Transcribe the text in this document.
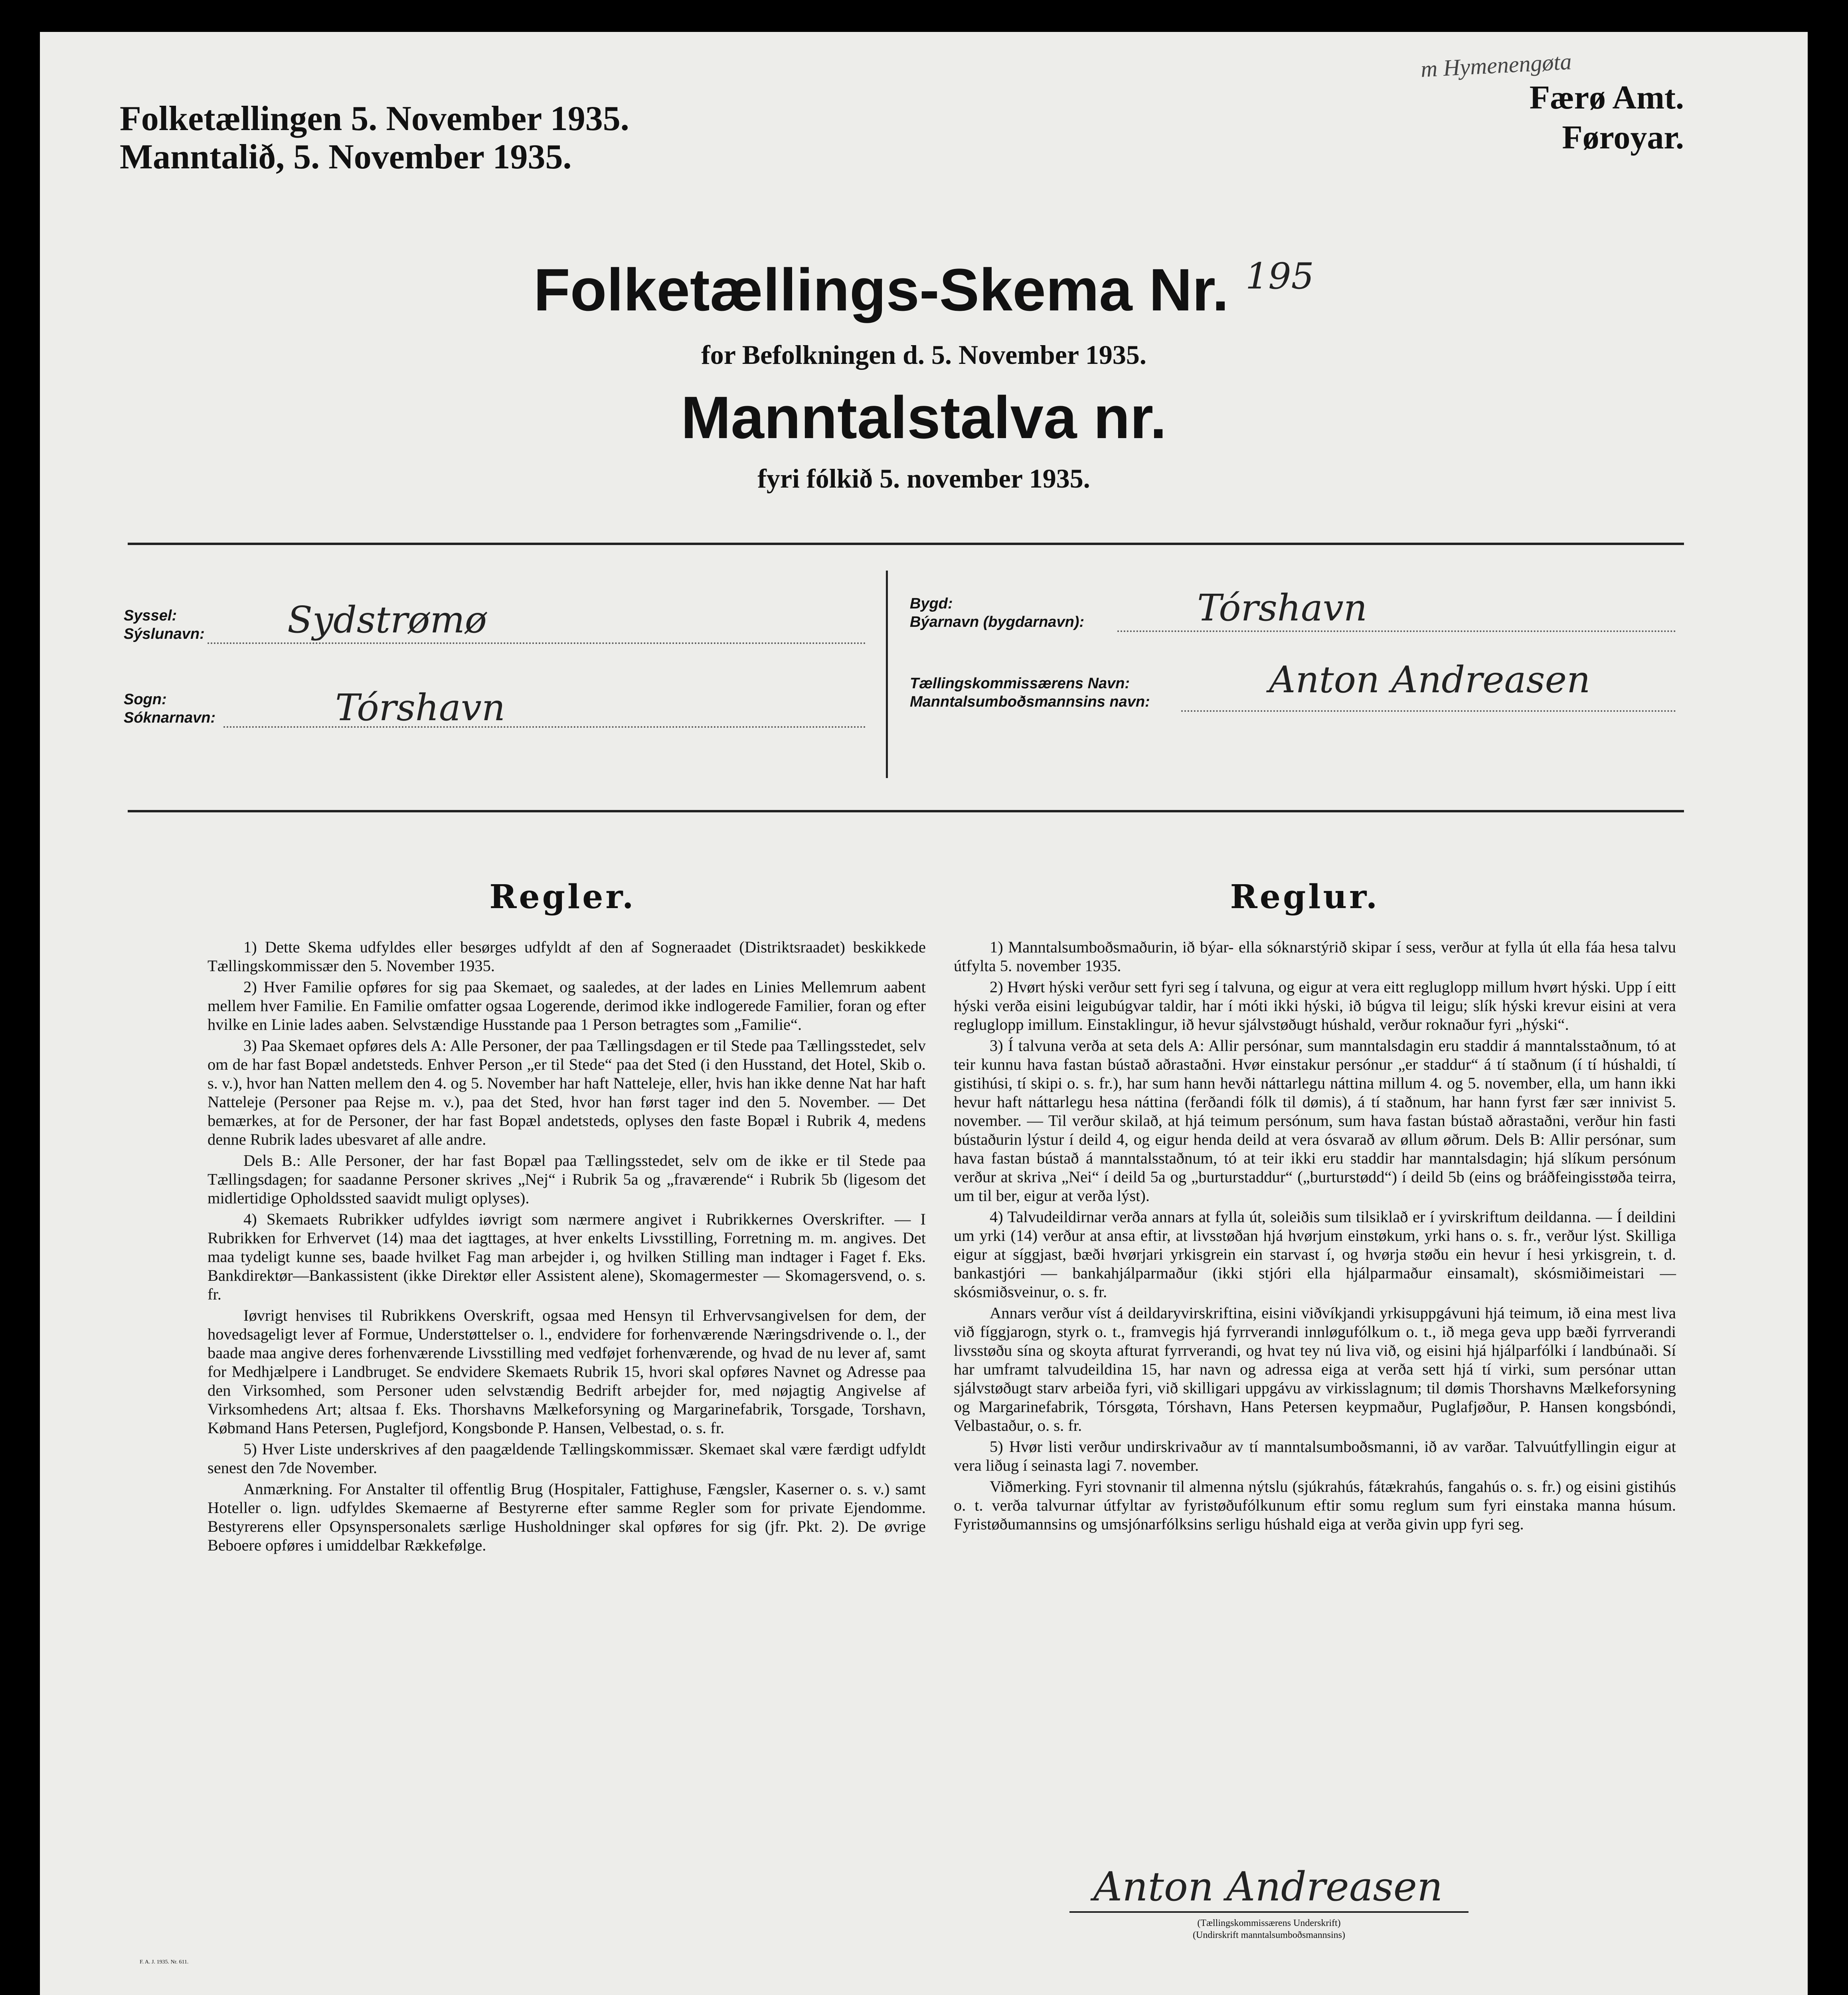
Folketællingen 5. November 1935.
Manntalið, 5. November 1935.
m Hymenengøta
Færø Amt.
Føroyar.
Folketællings-Skema Nr. $^{195}$
for Befolkningen d. 5. November 1935.
Manntalstalva nr.
fyri fólkið 5. november 1935.
Syssel:
Sýslunavn: Sydstrømø
Sogn:
Sóknarnavn:	Tórshavn
Bygd:
Býarnavn (bygdarnavn):	Tórshavn
Tællingskommissærens Navn:
Manntalsumboðsmannsins navn:
Anton Andreasen
Regler.

1) Dette Skema udfyldes eller besørges udfyldt af den af Sogneraadet (Distriktsraadet) beskikkede Tællingskommissær den 5. November 1935.

2) Hver Familie opføres for sig paa Skemaet, og saaledes, at der lades en Linies Mellemrum aabent mellem hver Familie. En Familie omfatter ogsaa Logerende, derimod ikke indlogerede Familier, foran og efter hvilke en Linie lades aaben. Selvstændige Husstande paa 1 Person betragtes som „Familie“.

3) Paa Skemaet opføres dels A: Alle Personer, der paa Tællingsdagen er til Stede paa Tællingsstedet, selv om de har fast Bopæl andetsteds. Enhver Person „er til Stede“ paa det Sted (i den Husstand, det Hotel, Skib o. s. v.), hvor han Natten mellem den 4. og 5. November har haft Natteleje, eller, hvis han ikke denne Nat har haft Natteleje (Personer paa Rejse m. v.), paa det Sted, hvor han først tager ind den 5. November. — Det bemærkes, at for de Personer, der har fast Bopæl andetsteds, oplyses den faste Bopæl i Rubrik 4, medens denne Rubrik lades ubesvaret af alle andre.

Dels B.: Alle Personer, der har fast Bopæl paa Tællingsstedet, selv om de ikke er til Stede paa Tællingsdagen; for saadanne Personer skrives „Nej“ i Rubrik 5a og „fraværende“ i Rubrik 5b (ligesom det midlertidige Opholdssted saavidt muligt oplyses).

4) Skemaets Rubrikker udfyldes iøvrigt som nærmere angivet i Rubrikkernes Overskrifter. — I Rubrikken for Erhvervet (14) maa det iagttages, at hver enkelts Livsstilling, Forretning m. m. angives. Det maa tydeligt kunne ses, baade hvilket Fag man arbejder i, og hvilken Stilling man indtager i Faget f. Eks. Bankdirektør—Bankassistent (ikke Direktør eller Assistent alene), Skomagermester — Skomagersvend, o. s. fr.

Iøvrigt henvises til Rubrikkens Overskrift, ogsaa med Hensyn til Erhvervsangivelsen for dem, der hovedsageligt lever af Formue, Understøttelser o. l., endvidere for forhenværende Næringsdrivende o. l., der baade maa angive deres forhenværende Livsstilling med vedføjet forhenværende, og hvad de nu lever af, samt for Medhjælpere i Landbruget. Se endvidere Skemaets Rubrik 15, hvori skal opføres Navnet og Adresse paa den Virksomhed, som Personer uden selvstændig Bedrift arbejder for, med nøjagtig Angivelse af Virksomhedens Art; altsaa f. Eks. Thorshavns Mælkeforsyning og Margarinefabrik, Torsgade, Torshavn, Købmand Hans Petersen, Puglefjord, Kongsbonde P. Hansen, Velbestad, o. s. fr.

5) Hver Liste underskrives af den paagældende Tællingskommissær. Skemaet skal være færdigt udfyldt senest den 7de November.

Anmærkning. For Anstalter til offentlig Brug (Hospitaler, Fattighuse, Fængsler, Kaserner o. s. v.) samt Hoteller o. lign. udfyldes Skemaerne af Bestyrerne efter samme Regler som for private Ejendomme. Bestyrerens eller Opsynspersonalets særlige Husholdninger skal opføres for sig (jfr. Pkt. 2). De øvrige Beboere opføres i umiddelbar Rækkefølge.

Reglur.

1) Manntalsumboðsmaðurin, ið býar- ella sóknarstýrið skipar í sess, verður at fylla út ella fáa hesa talvu útfylta 5. november 1935.

2) Hvørt hýski verður sett fyri seg í talvuna, og eigur at vera eitt regluglopp millum hvørt hýski. Upp í eitt hýski verða eisini leigubúgvar taldir, har í móti ikki hýski, ið búgva til leigu; slík hýski krevur eisini at vera regluglopp imillum. Einstaklingur, ið hevur sjálvstøðugt húshald, verður roknaður fyri „hýski“.

3) Í talvuna verða at seta dels A: Allir persónar, sum manntalsdagin eru staddir á manntalsstaðnum, tó at teir kunnu hava fastan bústað aðrastaðni. Hvør einstakur persónur „er staddur“ á tí staðnum (í tí húshaldi, tí gistihúsi, tí skipi o. s. fr.), har sum hann hevði náttarlegu náttina millum 4. og 5. november, ella, um hann ikki hevur haft náttarlegu hesa náttina (ferðandi fólk til dømis), á tí staðnum, har hann fyrst fær sær innivist 5. november. — Til verður skilað, at hjá teimum persónum, sum hava fastan bústað aðrastaðni, verður hin fasti bústaðurin lýstur í deild 4, og eigur henda deild at vera ósvarað av øllum øðrum. Dels B: Allir persónar, sum hava fastan bústað á manntalsstaðnum, tó at teir ikki eru staddir har manntalsdagin; hjá slíkum persónum verður at skriva „Nei“ í deild 5a og „burturstaddur“ („burturstødd“) í deild 5b (eins og bráðfeingisstøða teirra, um til ber, eigur at verða lýst).

4) Talvudeildirnar verða annars at fylla út, soleiðis sum tilsiklað er í yvirskriftum deildanna. — Í deildini um yrki (14) verður at ansa eftir, at livsstøðan hjá hvørjum einstøkum, yrki hans o. s. fr., verður lýst. Skilliga eigur at síggjast, bæði hvørjari yrkisgrein ein starvast í, og hvørja støðu ein hevur í hesi yrkisgrein, t. d. bankastjóri — bankahjálparmaður (ikki stjóri ella hjálparmaður einsamalt), skósmiðimeistari — skósmiðsveinur, o. s. fr.

Annars verður víst á deildaryvirskriftina, eisini viðvíkjandi yrkisuppgávuni hjá teimum, ið eina mest liva við fíggjarogn, styrk o. t., framvegis hjá fyrrverandi innløgufólkum o. t., ið mega geva upp bæði fyrrverandi livsstøðu sína og skoyta afturat fyrrverandi, og hvat tey nú liva við, og eisini hjá hjálparfólki í landbúnaði. Sí har umframt talvudeildina 15, har navn og adressa eiga at verða sett hjá tí virki, sum persónar uttan sjálvstøðugt starv arbeiða fyri, við skilligari uppgávu av virkisslagnum; til dømis Thorshavns Mælkeforsyning og Margarinefabrik, Tórsgøta, Tórshavn, Hans Petersen keypmaður, Puglafjøður, P. Hansen kongsbóndi, Velbastaður, o. s. fr.

5) Hvør listi verður undirskrivaður av tí manntalsumboðsmanni, ið av varðar. Talvuútfyllingin eigur at vera liðug í seinasta lagi 7. november.

Viðmerking. Fyri stovnanir til almenna nýtslu (sjúkrahús, fátækrahús, fangahús o. s. fr.) og eisini gistihús o. t. verða talvurnar útfyltar av fyristøðufólkunum eftir somu reglum sum fyri einstaka manna húsum. Fyristøðumannsins og umsjónarfólksins serligu húshald eiga at verða givin upp fyri seg.

Anton Andreasen
(Tællingskommissærens Underskrift)
(Undirskrift manntalsumboðsmannsins)
F. A. J. 1935. Nr. 611.
